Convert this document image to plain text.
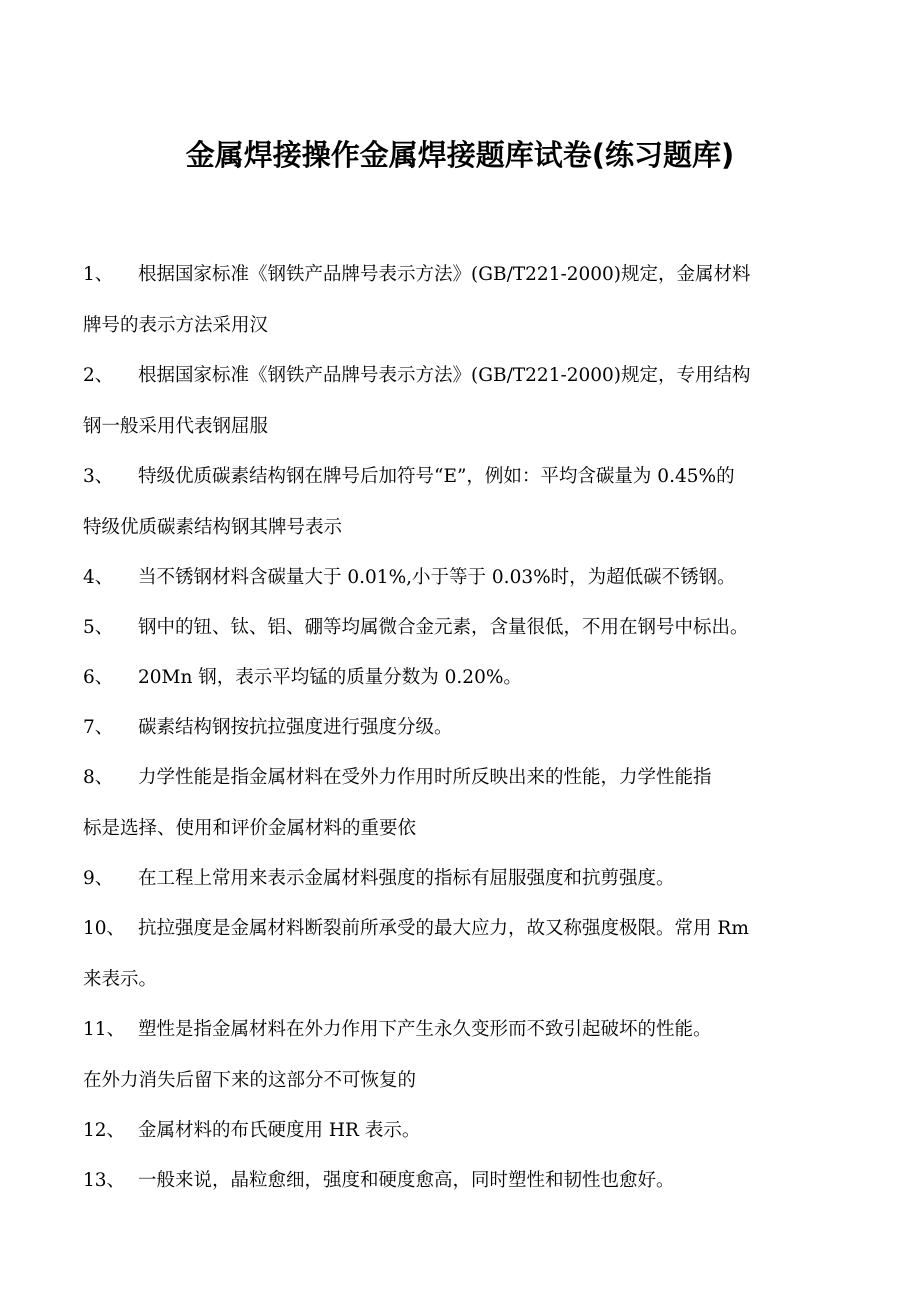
金属焊接操作金属焊接题库试卷(练习题库)
1、 根据国家标准《钢铁产品牌号表示方法》(GB/T221-2000)规定，金属材料
牌号的表示方法采用汉
2、 根据国家标准《钢铁产品牌号表示方法》(GB/T221-2000)规定，专用结构
钢一般采用代表钢屈服
3、 特级优质碳素结构钢在牌号后加符号“E”，例如：平均含碳量为 0.45%的
特级优质碳素结构钢其牌号表示
4、 当不锈钢材料含碳量大于 0.01%,小于等于 0.03%时，为超低碳不锈钢。
5、 钢中的钮、钛、铝、硼等均属微合金元素，含量很低，不用在钢号中标出。
6、 20Mn 钢，表示平均锰的质量分数为 0.20%。
7、 碳素结构钢按抗拉强度进行强度分级。
8、 力学性能是指金属材料在受外力作用时所反映出来的性能，力学性能指
标是选择、使用和评价金属材料的重要依
9、 在工程上常用来表示金属材料强度的指标有屈服强度和抗剪强度。
10、 抗拉强度是金属材料断裂前所承受的最大应力，故又称强度极限。常用 Rm
来表示。
11、 塑性是指金属材料在外力作用下产生永久变形而不致引起破坏的性能。
在外力消失后留下来的这部分不可恢复的
12、 金属材料的布氏硬度用 HR 表示。
13、 一般来说，晶粒愈细，强度和硬度愈高，同时塑性和韧性也愈好。
